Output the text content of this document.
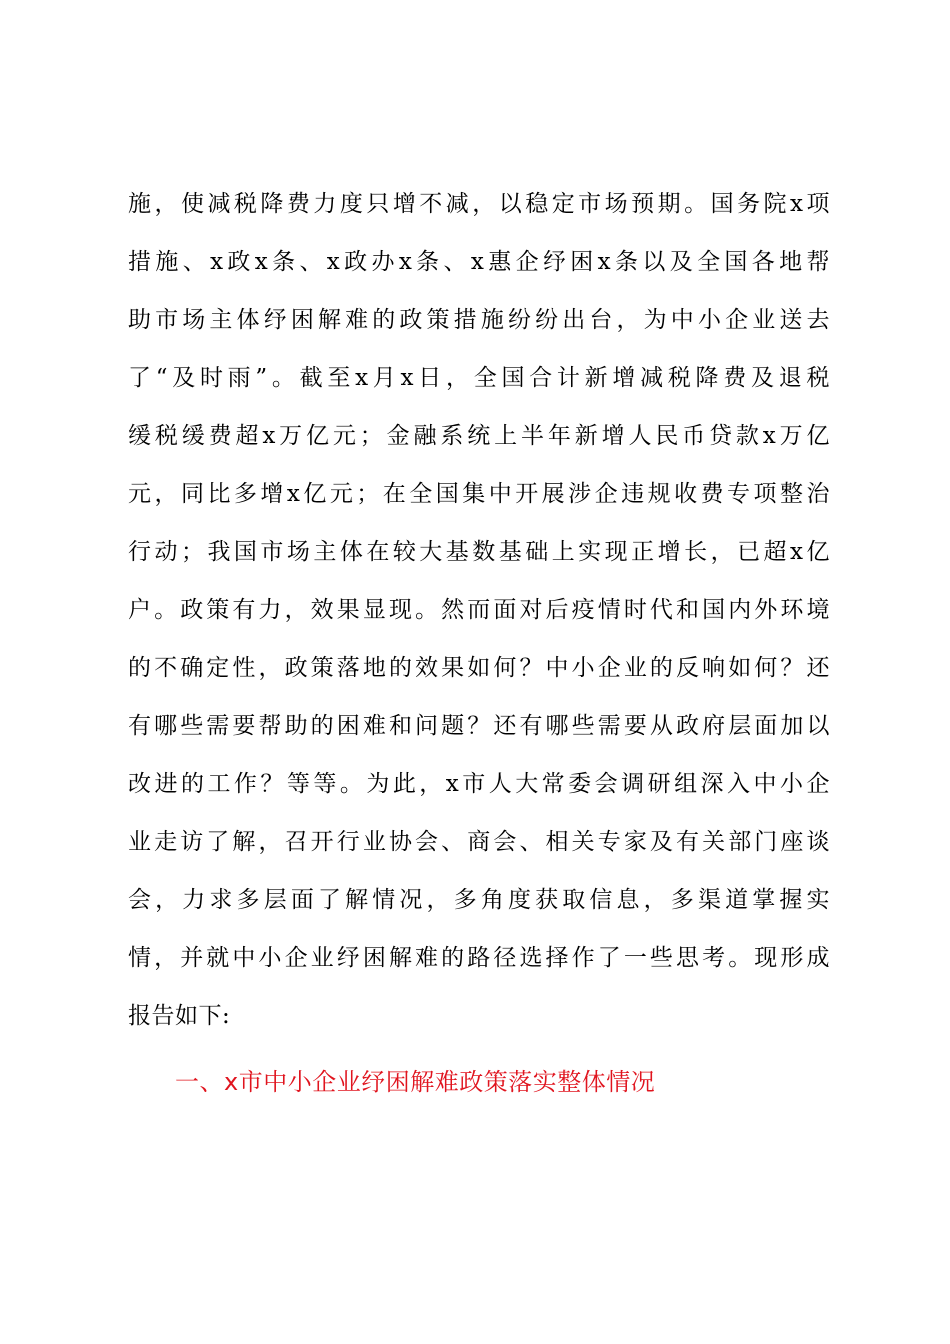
施，使减税降费力度只增不减，以稳定市场预期。国务院x项
措施、x政x条、x政办x条、x惠企纾困x条以及全国各地帮
助市场主体纾困解难的政策措施纷纷出台，为中小企业送去
了“及时雨”。截至x月x日，全国合计新增减税降费及退税
缓税缓费超x万亿元；金融系统上半年新增人民币贷款x万亿
元，同比多增x亿元；在全国集中开展涉企违规收费专项整治
行动；我国市场主体在较大基数基础上实现正增长，已超x亿
户。政策有力，效果显现。然而面对后疫情时代和国内外环境
的不确定性，政策落地的效果如何？中小企业的反响如何？还
有哪些需要帮助的困难和问题？还有哪些需要从政府层面加以
改进的工作？等等。为此，x市人大常委会调研组深入中小企
业走访了解，召开行业协会、商会、相关专家及有关部门座谈
会，力求多层面了解情况，多角度获取信息，多渠道掌握实
情，并就中小企业纾困解难的路径选择作了一些思考。现形成
报告如下:
一、x市中小企业纾困解难政策落实整体情况
